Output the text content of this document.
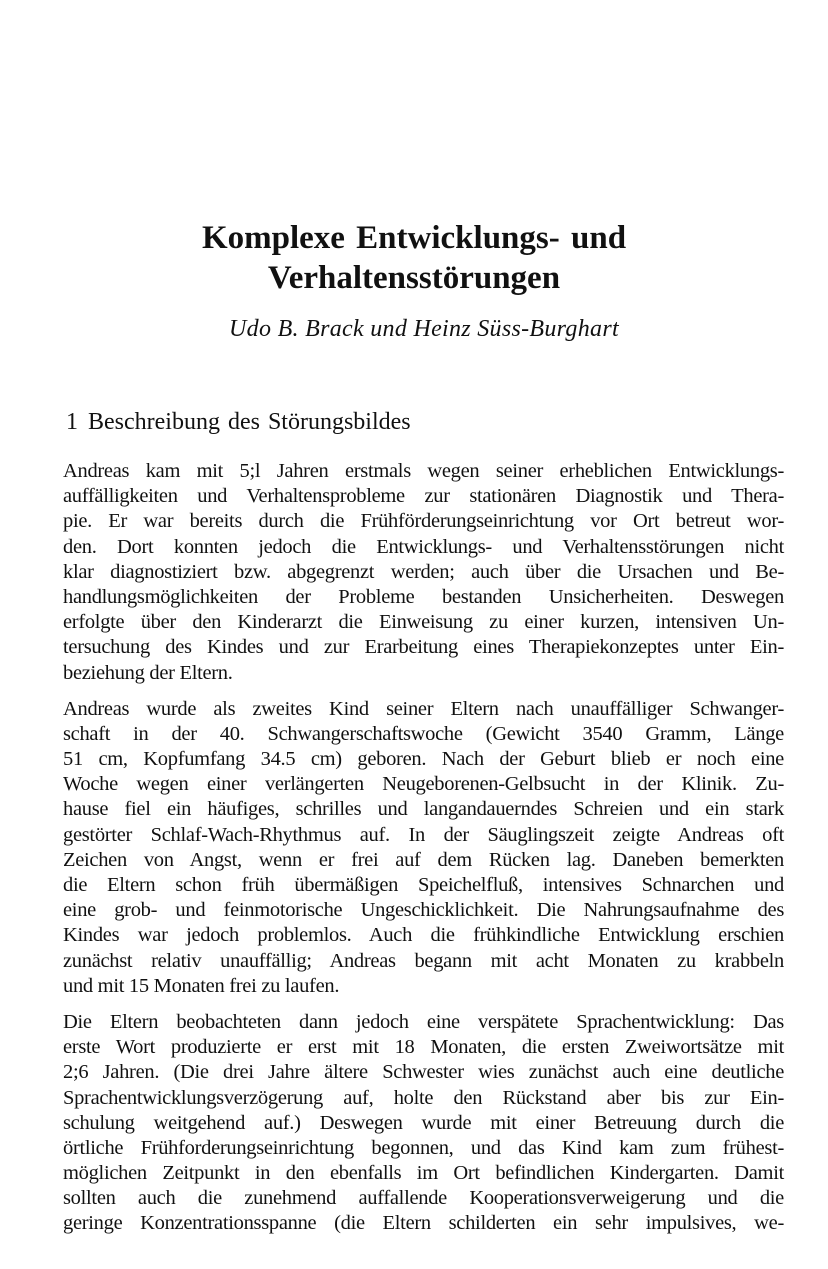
Komplexe Entwicklungs- und
Verhaltensstörungen
Udo B. Brack und Heinz Süss-Burghart
1 Beschreibung des Störungsbildes
Andreas kam mit 5;l Jahren erstmals wegen seiner erheblichen Entwicklungs-
auffälligkeiten und Verhaltensprobleme zur stationären Diagnostik und Thera-
pie. Er war bereits durch die Frühförderungseinrichtung vor Ort betreut wor-
den. Dort konnten jedoch die Entwicklungs- und Verhaltensstörungen nicht
klar diagnostiziert bzw. abgegrenzt werden; auch über die Ursachen und Be-
handlungsmöglichkeiten der Probleme bestanden Unsicherheiten. Deswegen
erfolgte über den Kinderarzt die Einweisung zu einer kurzen, intensiven Un-
tersuchung des Kindes und zur Erarbeitung eines Therapiekonzeptes unter Ein-
beziehung der Eltern.
Andreas wurde als zweites Kind seiner Eltern nach unauffälliger Schwanger-
schaft in der 40. Schwangerschaftswoche (Gewicht 3540 Gramm, Länge
51 cm, Kopfumfang 34.5 cm) geboren. Nach der Geburt blieb er noch eine
Woche wegen einer verlängerten Neugeborenen-Gelbsucht in der Klinik. Zu-
hause fiel ein häufiges, schrilles und langandauerndes Schreien und ein stark
gestörter Schlaf-Wach-Rhythmus auf. In der Säuglingszeit zeigte Andreas oft
Zeichen von Angst, wenn er frei auf dem Rücken lag. Daneben bemerkten
die Eltern schon früh übermäßigen Speichelfluß, intensives Schnarchen und
eine grob- und feinmotorische Ungeschicklichkeit. Die Nahrungsaufnahme des
Kindes war jedoch problemlos. Auch die frühkindliche Entwicklung erschien
zunächst relativ unauffällig; Andreas begann mit acht Monaten zu krabbeln
und mit 15 Monaten frei zu laufen.
Die Eltern beobachteten dann jedoch eine verspätete Sprachentwicklung: Das
erste Wort produzierte er erst mit 18 Monaten, die ersten Zweiwortsätze mit
2;6 Jahren. (Die drei Jahre ältere Schwester wies zunächst auch eine deutliche
Sprachentwicklungsverzögerung auf, holte den Rückstand aber bis zur Ein-
schulung weitgehend auf.) Deswegen wurde mit einer Betreuung durch die
örtliche Frühforderungseinrichtung begonnen, und das Kind kam zum frühest-
möglichen Zeitpunkt in den ebenfalls im Ort befindlichen Kindergarten. Damit
sollten auch die zunehmend auffallende Kooperationsverweigerung und die
geringe Konzentrationsspanne (die Eltern schilderten ein sehr impulsives, we-
